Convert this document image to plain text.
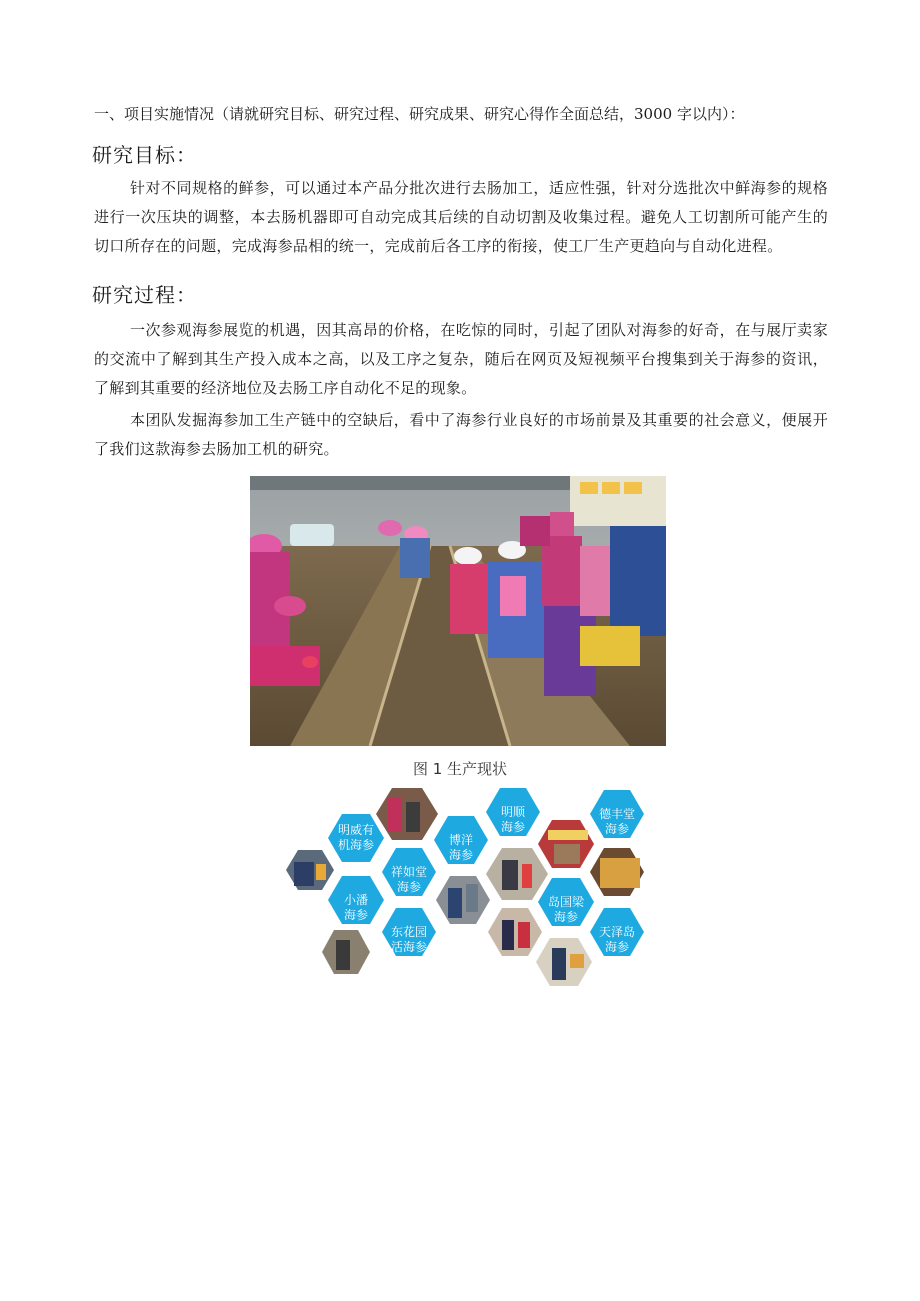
一、项目实施情况（请就研究目标、研究过程、研究成果、研究心得作全面总结，3000 字以内）：
研究目标：
针对不同规格的鲜参，可以通过本产品分批次进行去肠加工，适应性强，针对分选批次中鲜海参的规格进行一次压块的调整，本去肠机器即可自动完成其后续的自动切割及收集过程。避免人工切割所可能产生的切口所存在的问题，完成海参品相的统一，完成前后各工序的衔接，使工厂生产更趋向与自动化进程。
研究过程：
一次参观海参展览的机遇，因其高昂的价格，在吃惊的同时，引起了团队对海参的好奇，在与展厅卖家的交流中了解到其生产投入成本之高，以及工序之复杂，随后在网页及短视频平台搜集到关于海参的资讯，了解到其重要的经济地位及去肠工序自动化不足的现象。
本团队发掘海参加工生产链中的空缺后，看中了海参行业良好的市场前景及其重要的社会意义，便展开了我们这款海参去肠加工机的研究。
图 1 生产现状
明威有机海参	博洋海参
明顺海参
德丰堂海参
祥如堂海参
小潘海参
岛国梁海参
东花园活海参
天泽岛海参
